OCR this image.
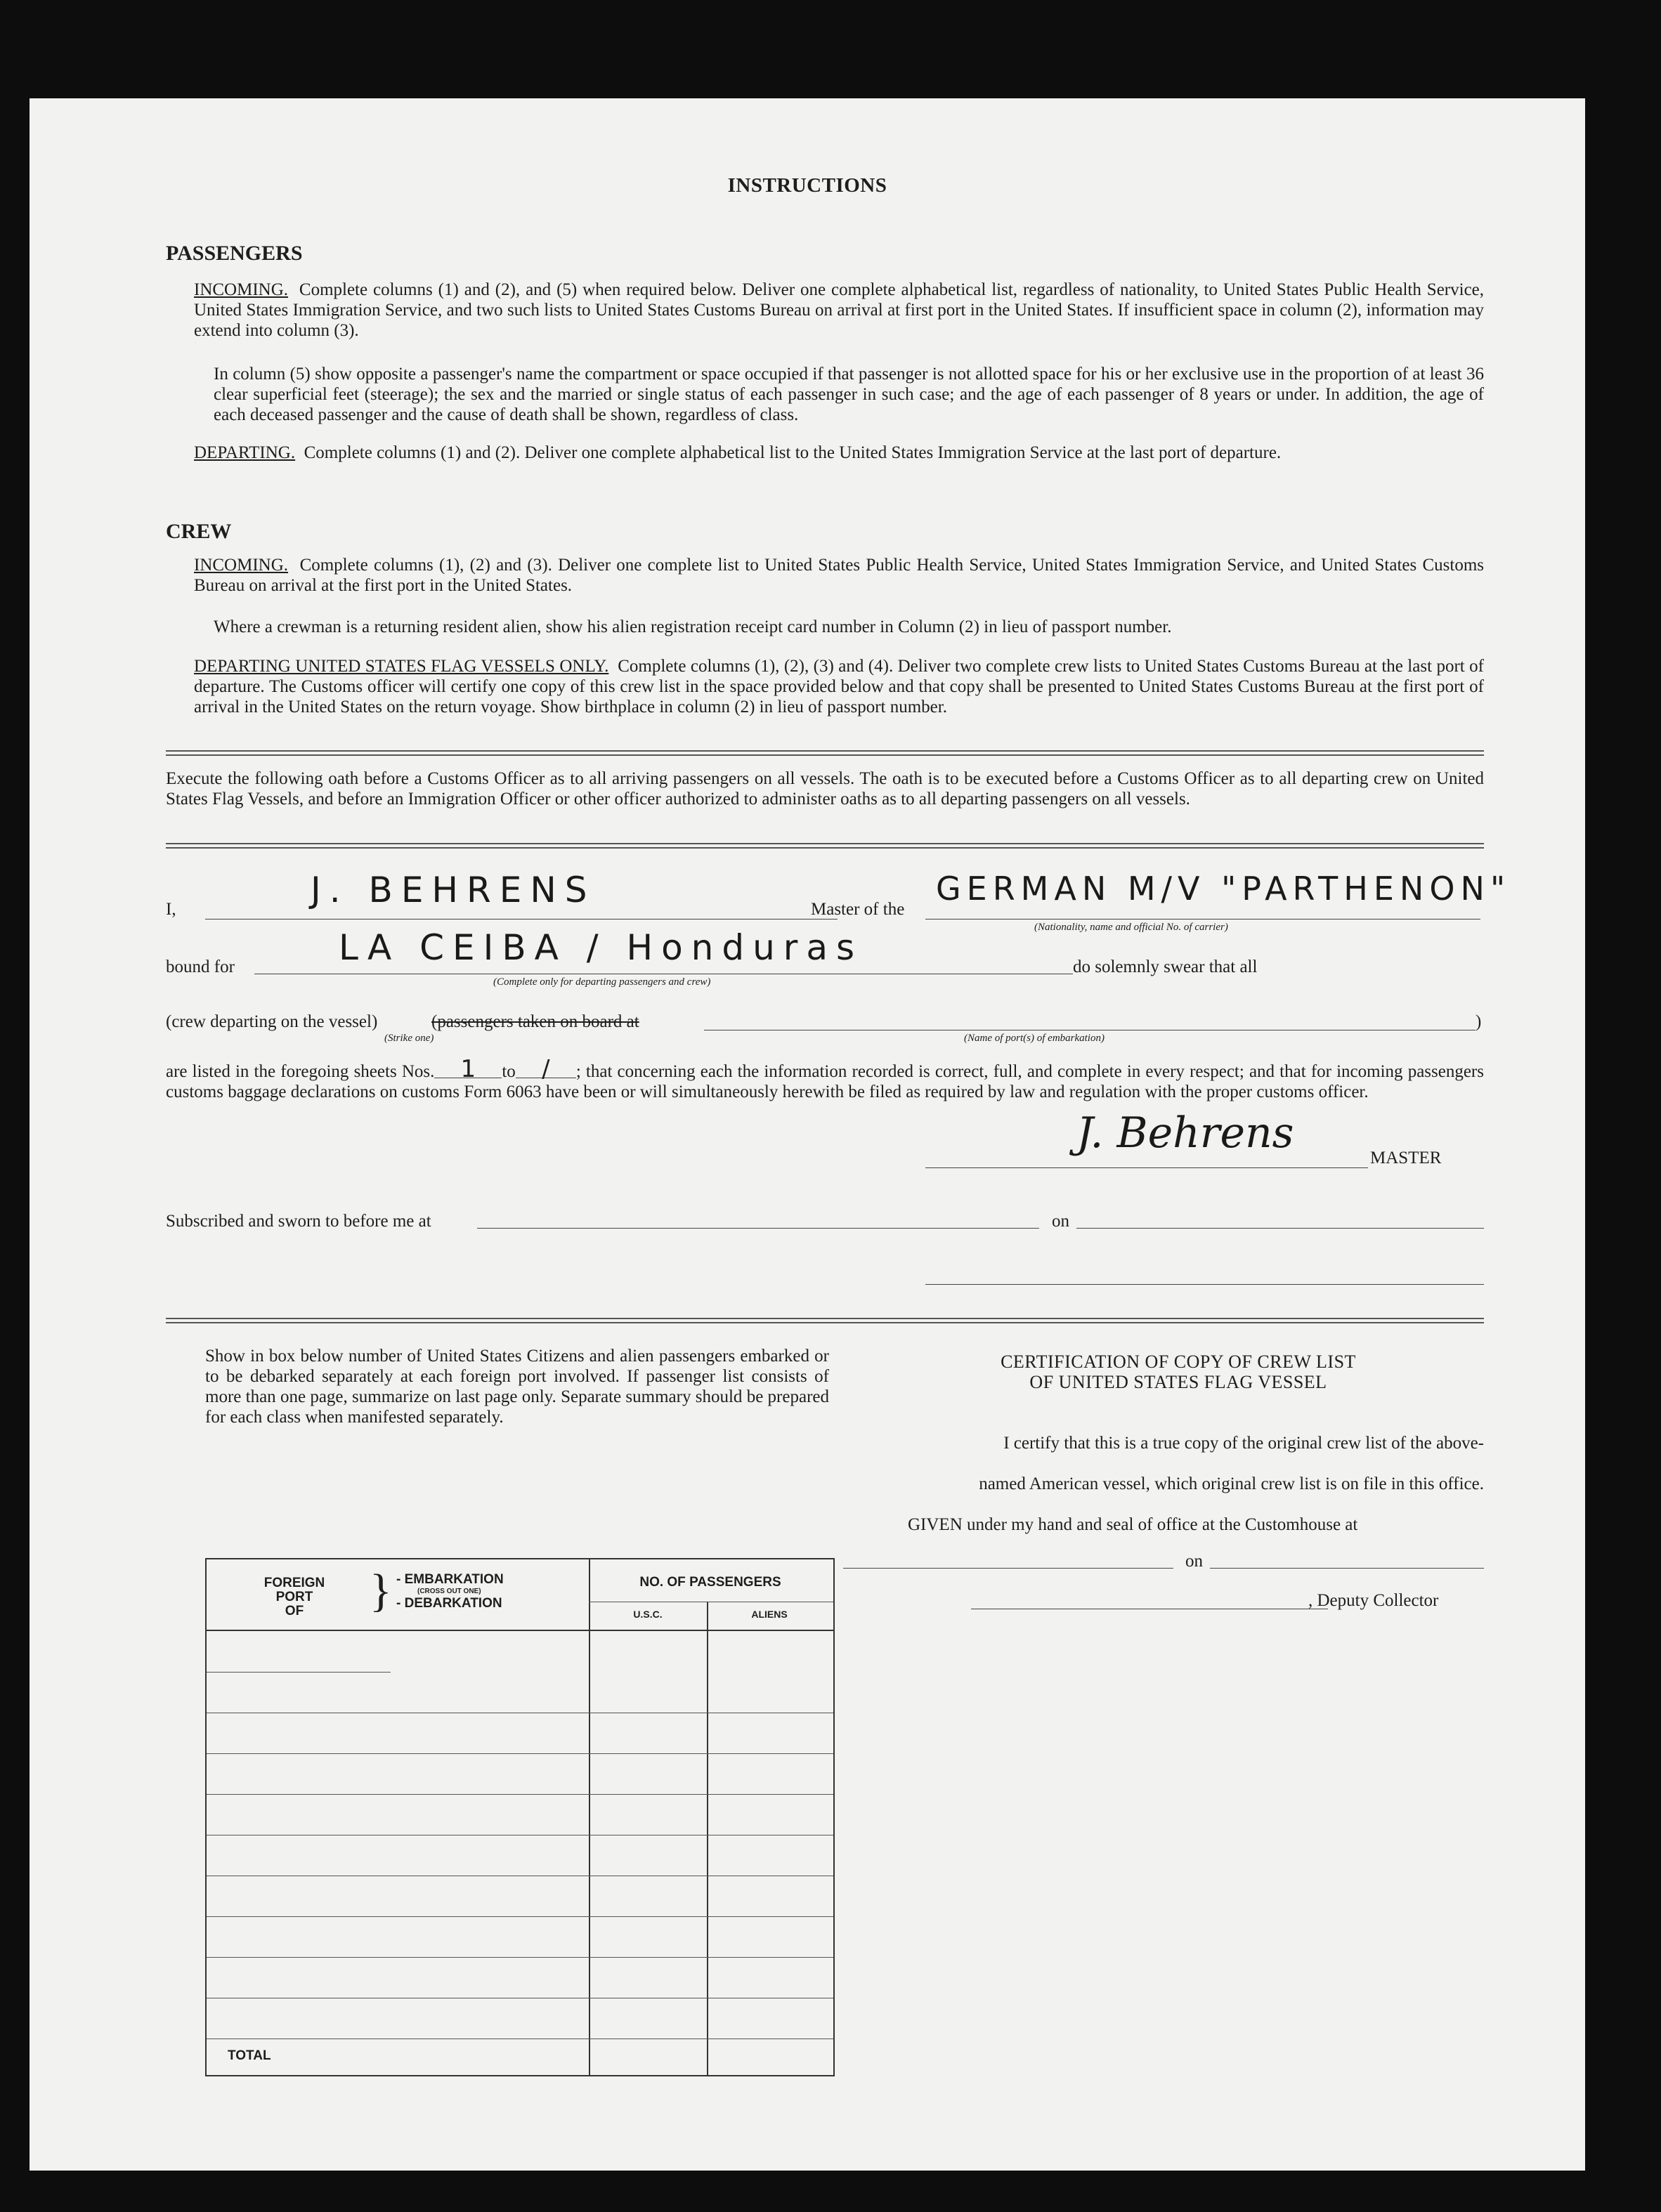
INSTRUCTIONS
PASSENGERS
INCOMING. Complete columns (1) and (2), and (5) when required below. Deliver one complete alphabetical list, regardless of nationality, to United States Public Health Service, United States Immigration Service, and two such lists to United States Customs Bureau on arrival at first port in the United States. If insufficient space in column (2), information may extend into column (3).
In column (5) show opposite a passenger's name the compartment or space occupied if that passenger is not allotted space for his or her exclusive use in the proportion of at least 36 clear superficial feet (steerage); the sex and the married or single status of each passenger in such case; and the age of each passenger of 8 years or under. In addition, the age of each deceased passenger and the cause of death shall be shown, regardless of class.
DEPARTING. Complete columns (1) and (2). Deliver one complete alphabetical list to the United States Immigration Service at the last port of departure.
CREW
INCOMING. Complete columns (1), (2) and (3). Deliver one complete list to United States Public Health Service, United States Immigration Service, and United States Customs Bureau on arrival at the first port in the United States.
Where a crewman is a returning resident alien, show his alien registration receipt card number in Column (2) in lieu of passport number.
DEPARTING UNITED STATES FLAG VESSELS ONLY. Complete columns (1), (2), (3) and (4). Deliver two complete crew lists to United States Customs Bureau at the last port of departure. The Customs officer will certify one copy of this crew list in the space provided below and that copy shall be presented to United States Customs Bureau at the first port of arrival in the United States on the return voyage. Show birthplace in column (2) in lieu of passport number.
Execute the following oath before a Customs Officer as to all arriving passengers on all vessels. The oath is to be executed before a Customs Officer as to all departing crew on United States Flag Vessels, and before an Immigration Officer or other officer authorized to administer oaths as to all departing passengers on all vessels.
I,	J. BEHRENS	Master of the
GERMAN M/V "PARTHENON"
(Nationality, name and official No. of carrier)
bound for	LA CEIBA / Honduras
(Complete only for departing passengers and crew)
do solemnly swear that all
(crew departing on the vessel)	(passengers taken on board at	)
(Strike one)	(Name of port(s) of embarkation)
are listed in the foregoing sheets Nos. 1 to / ; that concerning each the information recorded is correct, full, and complete in every respect; and that for incoming passengers customs baggage declarations on customs Form 6063 have been or will simultaneously herewith be filed as required by law and regulation with the proper customs officer.
J. Behrens
MASTER
Subscribed and sworn to before me at	on
Show in box below number of United States Citizens and alien passengers embarked or to be debarked separately at each foreign port involved. If passenger list consists of more than one page, summarize on last page only. Separate summary should be prepared for each class when manifested separately.
FOREIGN
PORT
OF	} - EMBARKATION
(CROSS OUT ONE)
- DEBARKATION
NO. OF PASSENGERS
U.S.C.	ALIENS
TOTAL
CERTIFICATION OF COPY OF CREW LIST
OF UNITED STATES FLAG VESSEL
I certify that this is a true copy of the original crew list of the above-
named American vessel, which original crew list is on file in this office.
GIVEN under my hand and seal of office at the Customhouse at
on
, Deputy Collector
